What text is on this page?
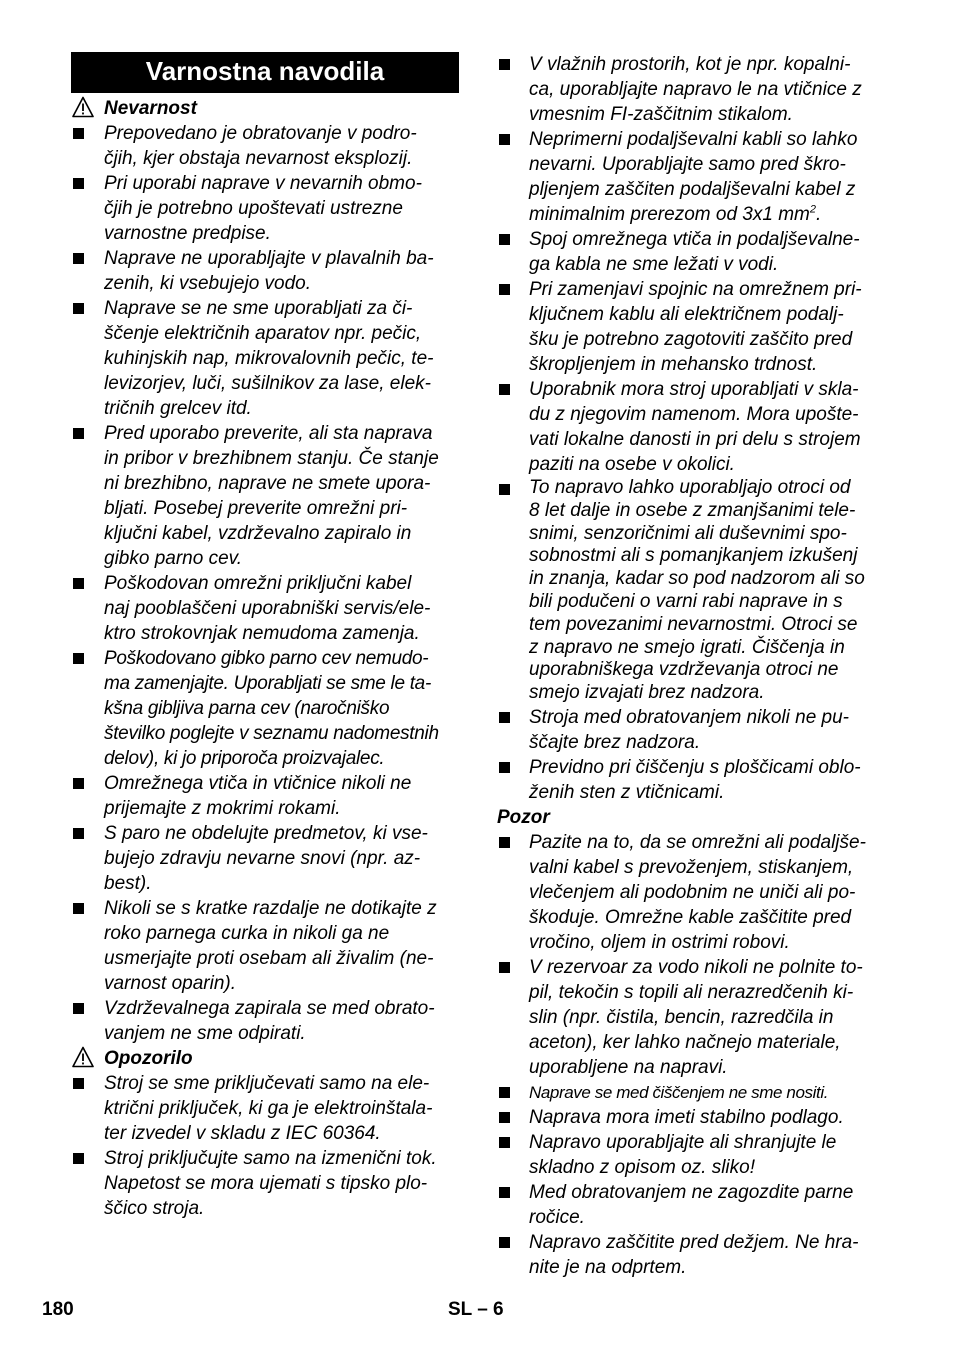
Varnostna navodila
Nevarnost
Prepovedano je obratovanje v podro-
čjih, kjer obstaja nevarnost eksplozij.
Pri uporabi naprave v nevarnih obmo-
čjih je potrebno upoštevati ustrezne
varnostne predpise.
Naprave ne uporabljajte v plavalnih ba-
zenih, ki vsebujejo vodo.
Naprave se ne sme uporabljati za či-
ščenje električnih aparatov npr. pečic,
kuhinjskih nap, mikrovalovnih pečic, te-
levizorjev, luči, sušilnikov za lase, elek-
tričnih grelcev itd.
Pred uporabo preverite, ali sta naprava
in pribor v brezhibnem stanju. Če stanje
ni brezhibno, naprave ne smete upora-
bljati. Posebej preverite omrežni pri-
ključni kabel, vzdrževalno zapiralo in
gibko parno cev.
Poškodovan omrežni priključni kabel
naj pooblaščeni uporabniški servis/ele-
ktro strokovnjak nemudoma zamenja.
Poškodovano gibko parno cev nemudo-
ma zamenjajte. Uporabljati se sme le ta-
kšna gibljiva parna cev (naročniško
številko poglejte v seznamu nadomestnih
delov), ki jo priporoča proizvajalec.
Omrežnega vtiča in vtičnice nikoli ne
prijemajte z mokrimi rokami.
S paro ne obdelujte predmetov, ki vse-
bujejo zdravju nevarne snovi (npr. az-
best).
Nikoli se s kratke razdalje ne dotikajte z
roko parnega curka in nikoli ga ne
usmerjajte proti osebam ali živalim (ne-
varnost oparin).
Vzdrževalnega zapirala se med obrato-
vanjem ne sme odpirati.
Opozorilo
Stroj se sme priključevati samo na ele-
ktrični priključek, ki ga je elektroinštala-
ter izvedel v skladu z IEC 60364.
Stroj priključujte samo na izmenični tok.
Napetost se mora ujemati s tipsko plo-
ščico stroja.
V vlažnih prostorih, kot je npr. kopalni-
ca, uporabljajte napravo le na vtičnice z
vmesnim FI-zaščitnim stikalom.
Neprimerni podaljševalni kabli so lahko
nevarni. Uporabljajte samo pred škro-
pljenjem zaščiten podaljševalni kabel z
minimalnim prerezom od 3x1 $mm^2$.
Spoj omrežnega vtiča in podaljševalne-
ga kabla ne sme ležati v vodi.
Pri zamenjavi spojnic na omrežnem pri-
ključnem kablu ali električnem podalj-
šku je potrebno zagotoviti zaščito pred
škropljenjem in mehansko trdnost.
Uporabnik mora stroj uporabljati v skla-
du z njegovim namenom. Mora upošte-
vati lokalne danosti in pri delu s strojem
paziti na osebe v okolici.
To napravo lahko uporabljajo otroci od
8 let dalje in osebe z zmanjšanimi tele-
snimi, senzoričnimi ali duševnimi spo-
sobnostmi ali s pomanjkanjem izkušenj
in znanja, kadar so pod nadzorom ali so
bili podučeni o varni rabi naprave in s
tem povezanimi nevarnostmi. Otroci se
z napravo ne smejo igrati. Čiščenja in
uporabniškega vzdrževanja otroci ne
smejo izvajati brez nadzora.
Stroja med obratovanjem nikoli ne pu-
ščajte brez nadzora.
Previdno pri čiščenju s ploščicami oblo-
ženih sten z vtičnicami.
Pozor
Pazite na to, da se omrežni ali podaljše-
valni kabel s prevoženjem, stiskanjem,
vlečenjem ali podobnim ne uniči ali po-
škoduje. Omrežne kable zaščitite pred
vročino, oljem in ostrimi robovi.
V rezervoar za vodo nikoli ne polnite to-
pil, tekočin s topili ali nerazredčenih ki-
slin (npr. čistila, bencin, razredčila in
aceton), ker lahko načnejo materiale,
uporabljene na napravi.
Naprave se med čiščenjem ne sme nositi.
Naprava mora imeti stabilno podlago.
Napravo uporabljajte ali shranjujte le
skladno z opisom oz. sliko!
Med obratovanjem ne zagozdite parne
ročice.
Napravo zaščitite pred dežjem. Ne hra-
nite je na odprtem.
180	SL – 6
